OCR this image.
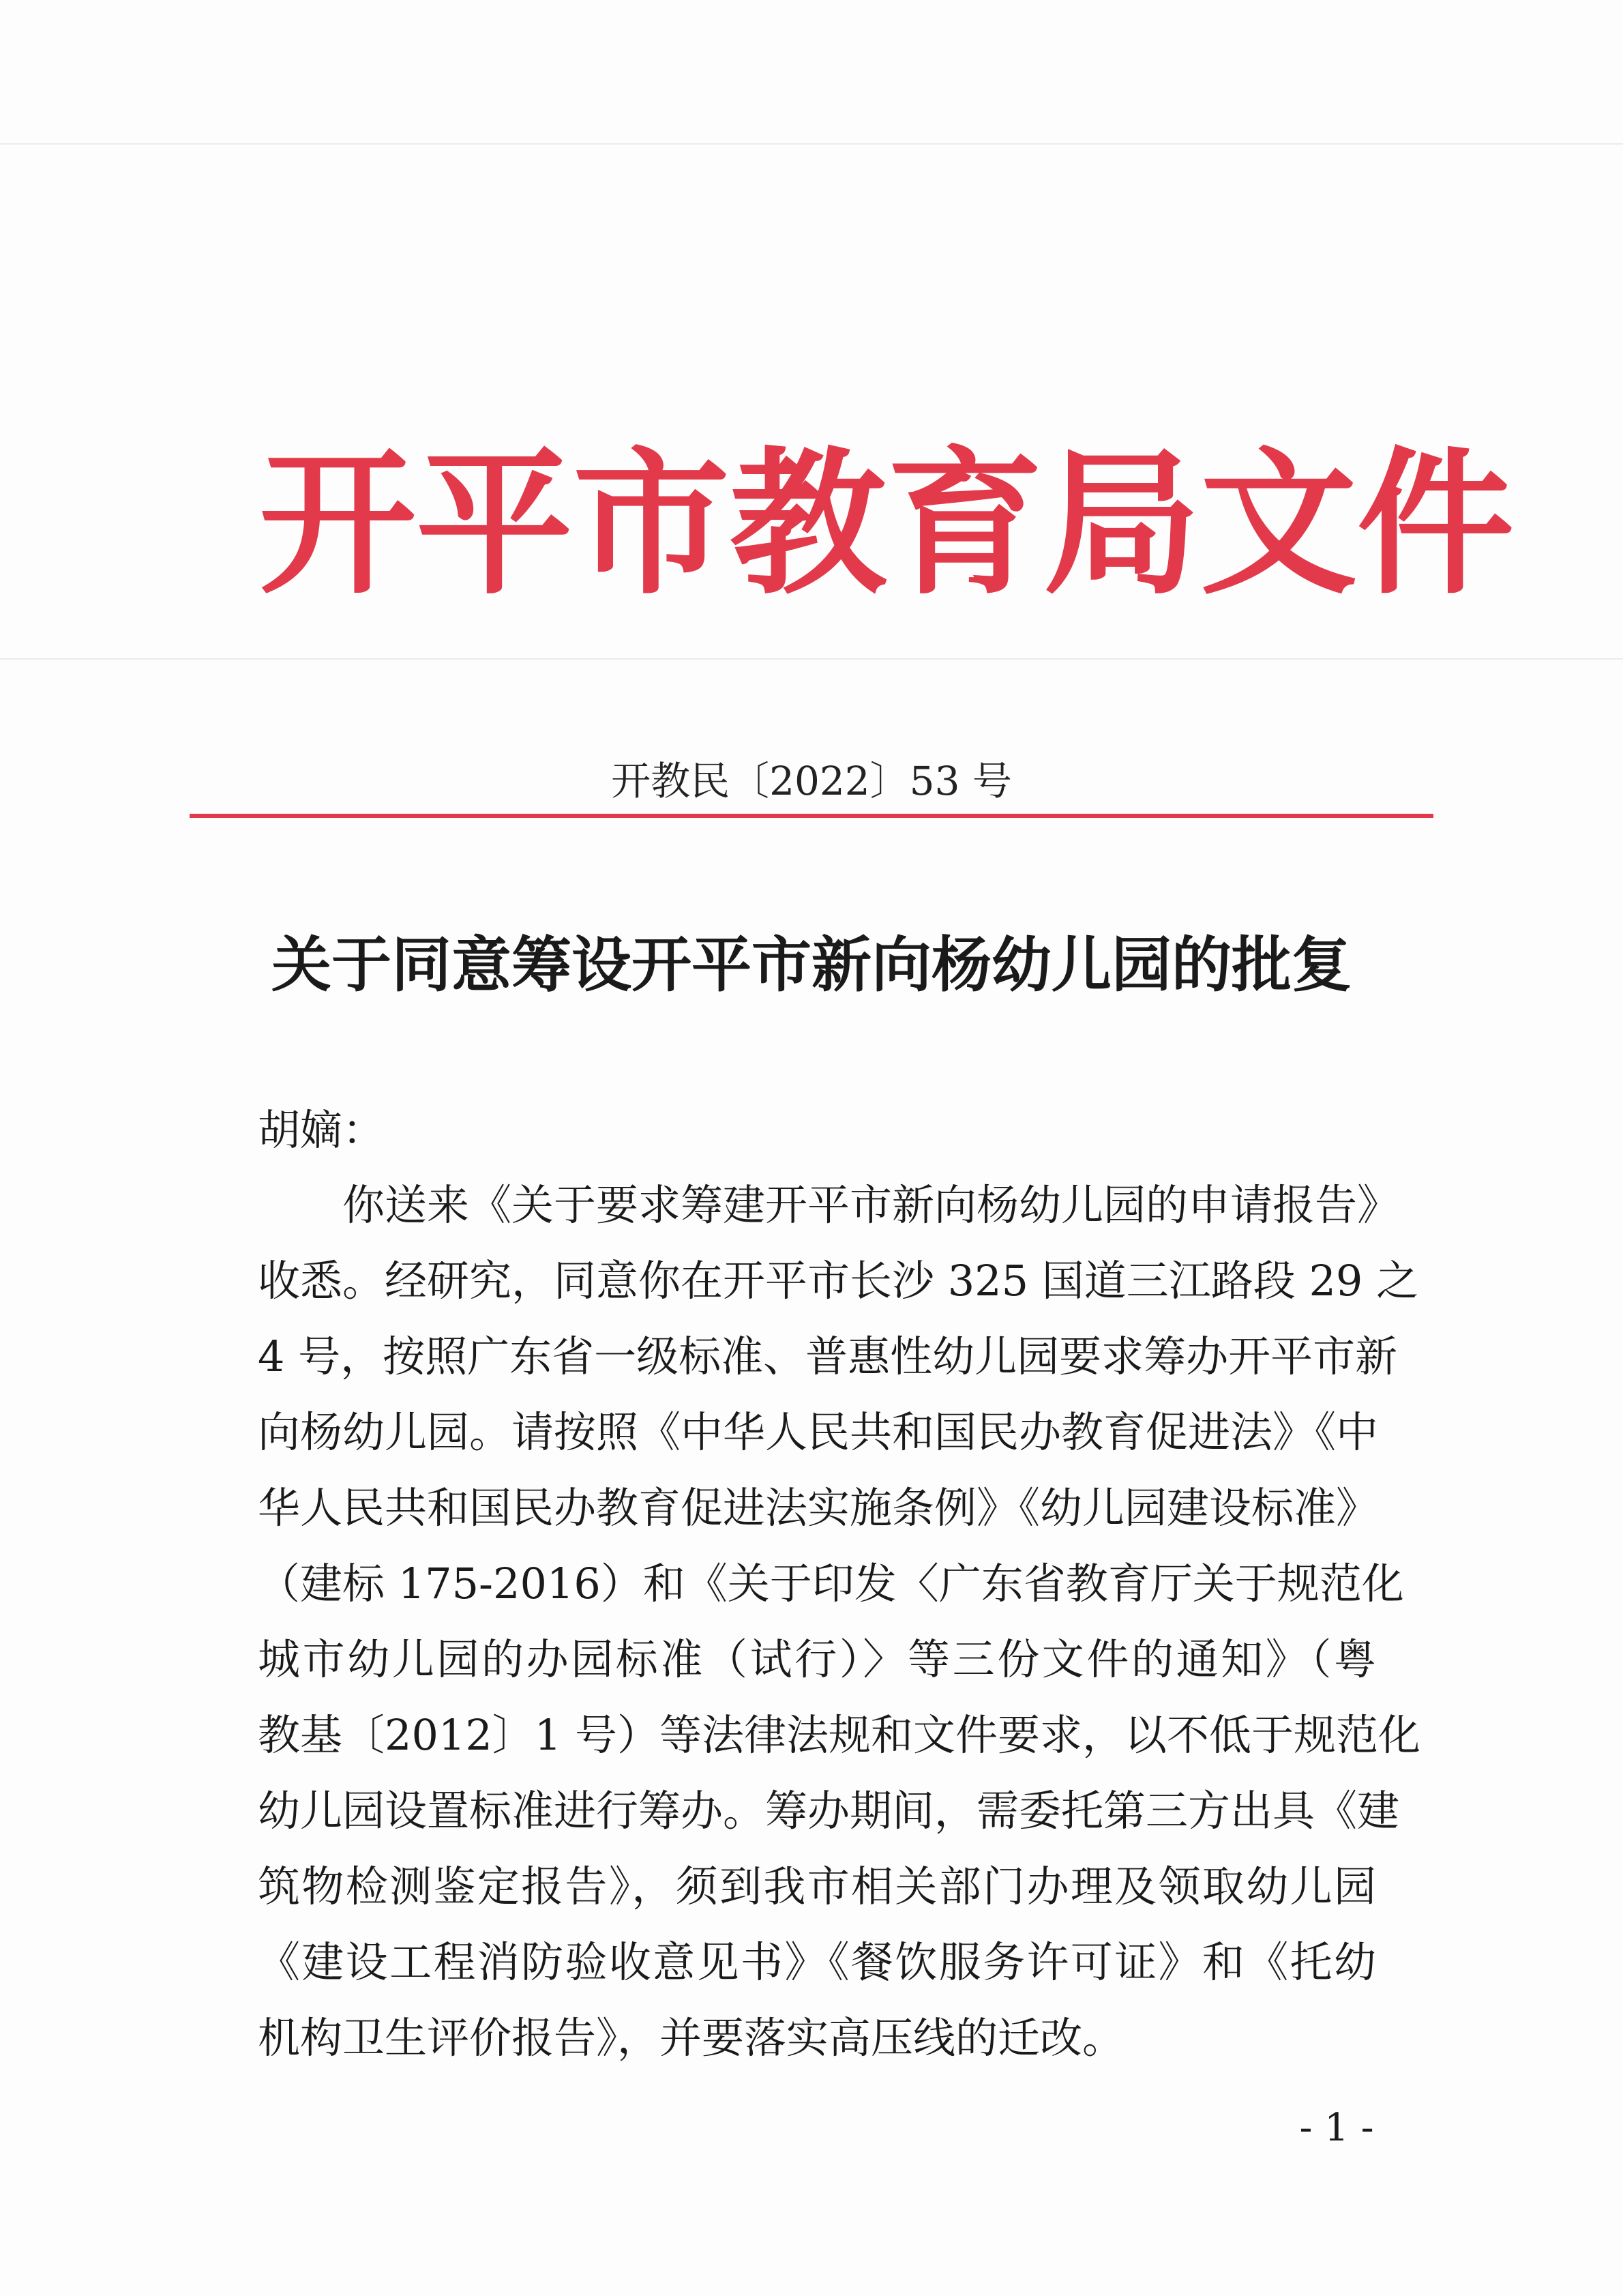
开平市教育局文件
开教民〔2022〕53 号
关于同意筹设开平市新向杨幼儿园的批复
胡嫡：
你送来《关于要求筹建开平市新向杨幼儿园的申请报告》
收悉。经研究，同意你在开平市长沙 325 国道三江路段 29 之
4 号，按照广东省一级标准、普惠性幼儿园要求筹办开平市新
向杨幼儿园。请按照《中华人民共和国民办教育促进法》《中
华人民共和国民办教育促进法实施条例》《幼儿园建设标准》
（建标 175-2016）和《关于印发〈广东省教育厅关于规范化
城市幼儿园的办园标准（试行）〉等三份文件的通知》（粤
教基〔2012〕1 号）等法律法规和文件要求，以不低于规范化
幼儿园设置标准进行筹办。筹办期间，需委托第三方出具《建
筑物检测鉴定报告》，须到我市相关部门办理及领取幼儿园
《建设工程消防验收意见书》《餐饮服务许可证》和《托幼
机构卫生评价报告》，并要落实高压线的迁改。
- 1 -
